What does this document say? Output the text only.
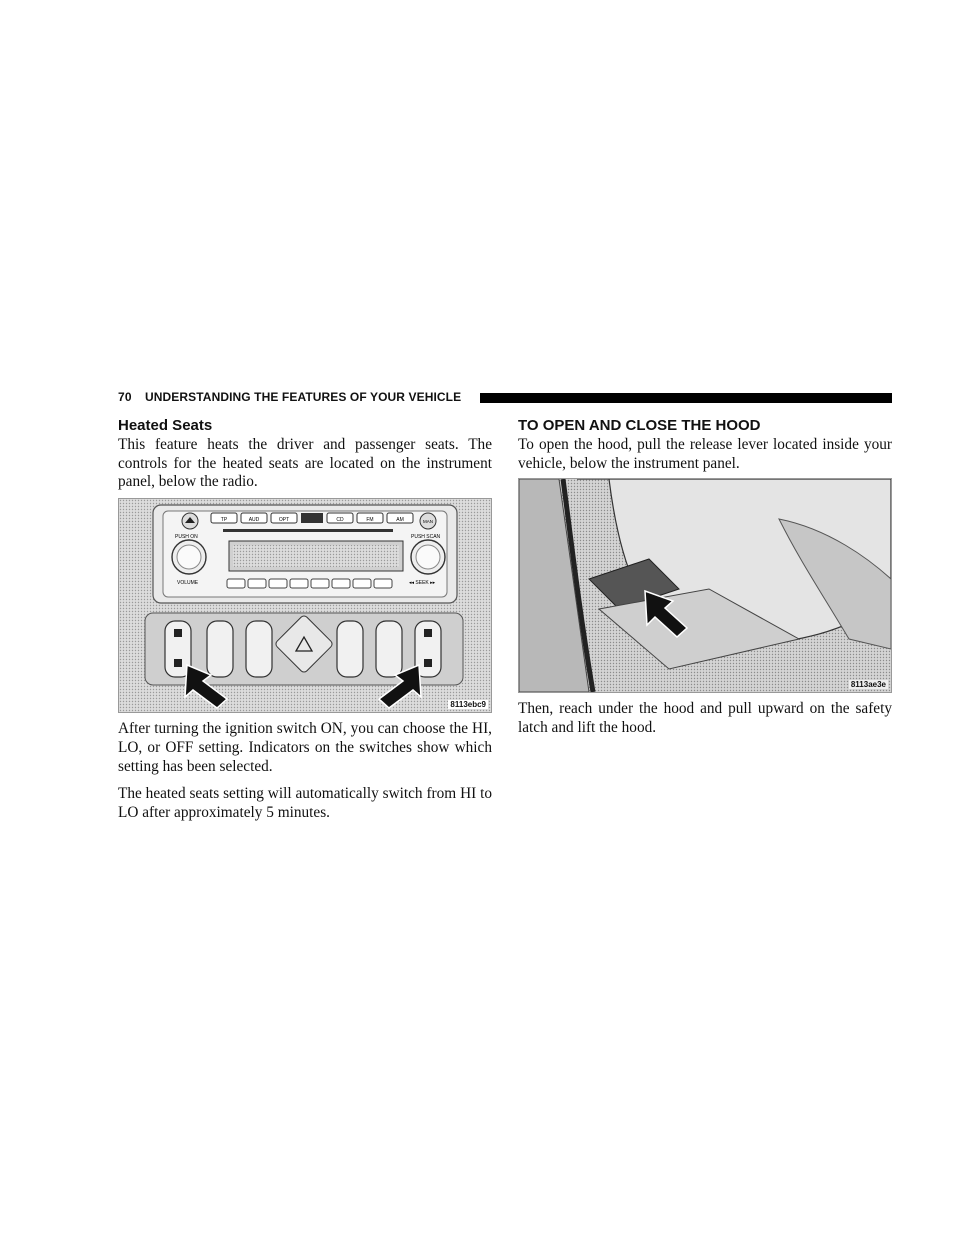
70 UNDERSTANDING THE FEATURES OF YOUR VEHICLE
Heated Seats

This feature heats the driver and passenger seats. The controls for the heated seats are located on the instrument panel, below the radio.

TP	AUD	OPT	CD	FM	AM	MAN
PUSH ON	PUSH SCAN
VOLUME	◂◂ SEEK ▸▸
8113ebc9

After turning the ignition switch ON, you can choose the HI, LO, or OFF setting. Indicators on the switches show which setting has been selected.

The heated seats setting will automatically switch from HI to LO after approximately 5 minutes.

TO OPEN AND CLOSE THE HOOD

To open the hood, pull the release lever located inside your vehicle, below the instrument panel.

8113ae3e

Then, reach under the hood and pull upward on the safety latch and lift the hood.
